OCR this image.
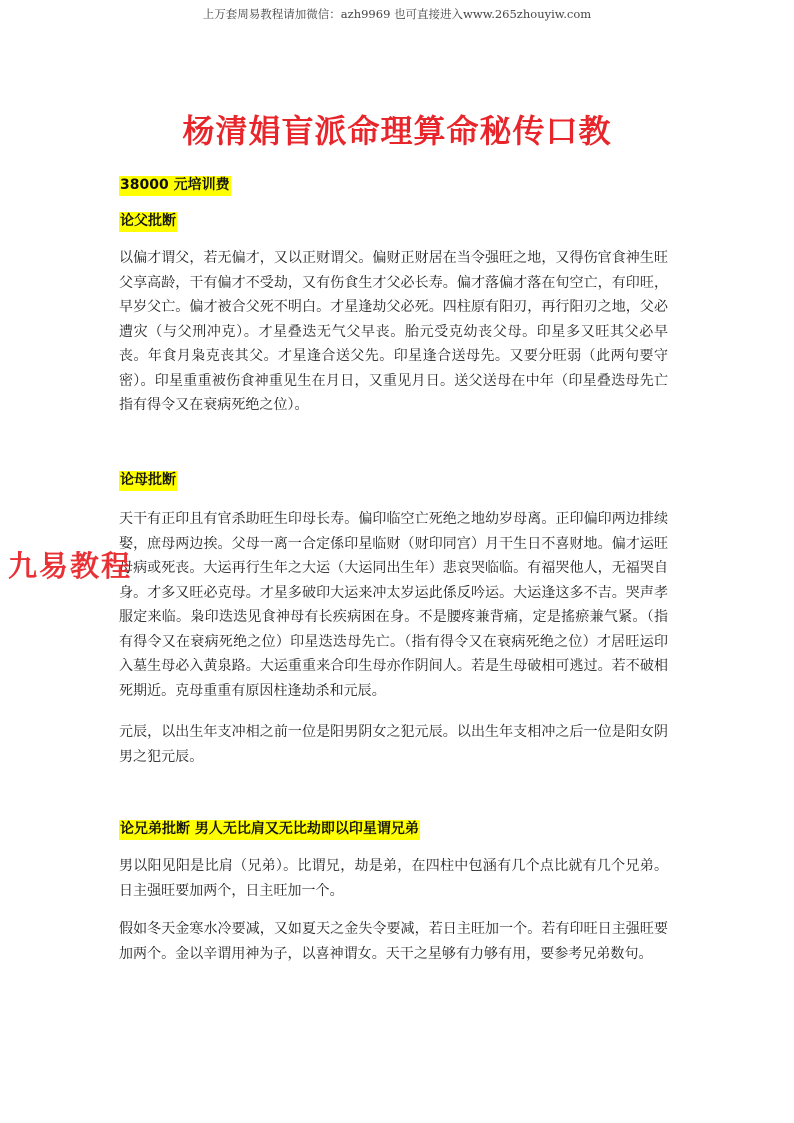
上万套周易教程请加微信：azh9969 也可直接进入www.265zhouyiw.com
杨清娟盲派命理算命秘传口教
38000 元培训费
论父批断

以偏才谓父，若无偏才，又以正财谓父。偏财正财居在当令强旺之地，又得伤官食神生旺父享高龄，干有偏才不受劫，又有伤食生才父必长寿。偏才落偏才落在旬空亡，有印旺，早岁父亡。偏才被合父死不明白。才星逢劫父必死。四柱原有阳刃，再行阳刃之地，父必遭灾（与父刑冲克）。才星叠迭无气父早丧。胎元受克幼丧父母。印星多又旺其父必早丧。年食月枭克丧其父。才星逢合送父先。印星逢合送母先。又要分旺弱（此两句要守密）。印星重重被伤食神重见生在月日，又重见月日。送父送母在中年（印星叠迭母先亡指有得令又在衰病死绝之位）。

论母批断

天干有正印且有官杀助旺生印母长寿。偏印临空亡死绝之地幼岁母离。正印偏印两边排续娶，庶母两边挨。父母一离一合定係印星临财（财印同宫）月干生日不喜财地。偏才运旺母病或死丧。大运再行生年之大运（大运同出生年）悲哀哭临临。有福哭他人，无福哭自身。才多又旺必克母。才星多破印大运来冲太岁运此係反吟运。大运逢这多不吉。哭声孝服定来临。枭印迭迭见食神母有长疾病困在身。不是腰疼兼背痛，定是搖瘀兼气紧。（指有得令又在衰病死绝之位）印星迭迭母先亡。（指有得令又在衰病死绝之位）才居旺运印入墓生母必入黄泉路。大运重重来合印生母亦作阴间人。若是生母破相可逃过。若不破相死期近。克母重重有原因柱逢劫杀和元辰。

元辰，以出生年支冲相之前一位是阳男阴女之犯元辰。以出生年支相冲之后一位是阳女阴男之犯元辰。

论兄弟批断 男人无比肩又无比劫即以印星谓兄弟

男以阳见阳是比肩（兄弟）。比谓兄，劫是弟，在四柱中包涵有几个点比就有几个兄弟。日主强旺要加两个，日主旺加一个。

假如冬天金寒水冷要减，又如夏天之金失令要减，若日主旺加一个。若有印旺日主强旺要加两个。金以辛谓用神为子，以喜神谓女。天干之星够有力够有用，要参考兄弟数句。

九易教程
